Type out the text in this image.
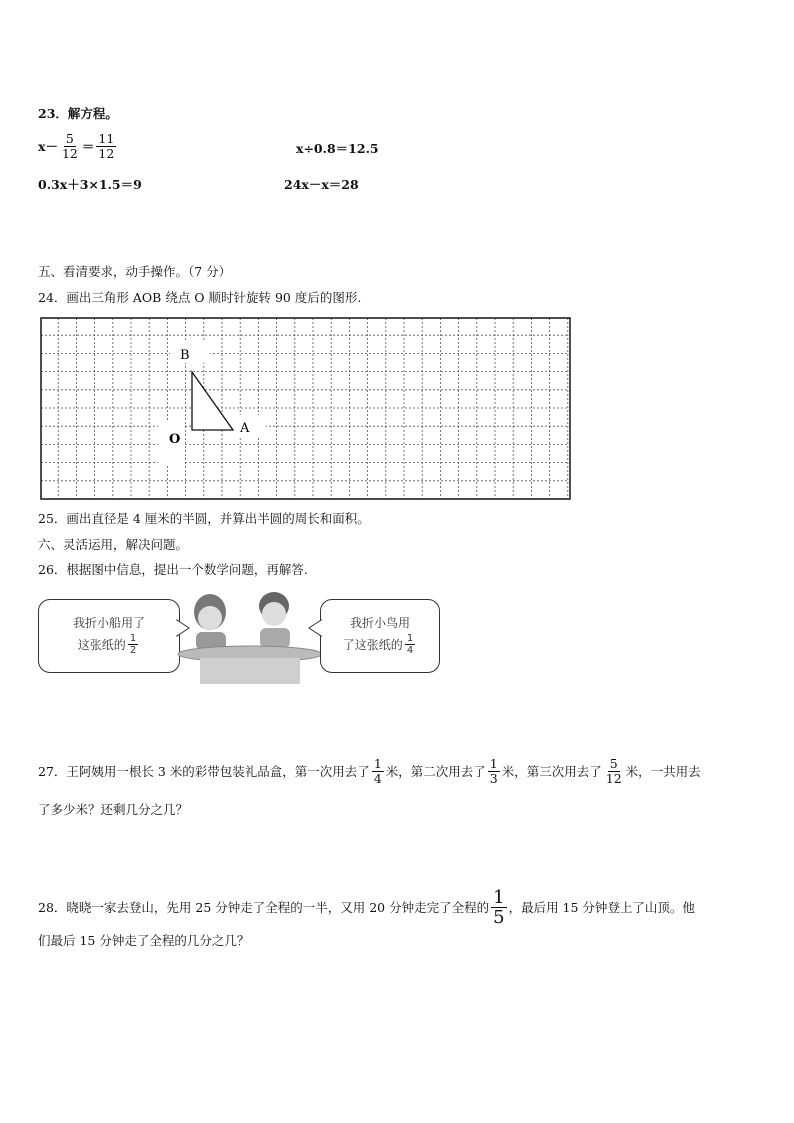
23．解方程。
$x- \frac{5}{12} = \frac{11}{12}$	x÷0.8＝12.5
0.3x＋3×1.5＝9	24x－x＝28
五、看清要求，动手操作。（7 分）
24．画出三角形 AOB 绕点 O 顺时针旋转 90 度后的图形.
B
A
O
25．画出直径是 4 厘米的半圆，并算出半圆的周长和面积。
六、灵活运用，解决问题。
26．根据图中信息，提出一个数学问题，再解答.
我折小船用了
这张纸的 $\frac{1}{2}$
我折小鸟用
了这张纸的 $\frac{1}{4}$
27．王阿姨用一根长 3 米的彩带包装礼品盒，第一次用去了 $\frac{1}{4}$ 米，第二次用去了 $\frac{1}{3}$ 米，第三次用去了 $\frac{5}{12}$ 米，一共用去
了多少米？还剩几分之几？
28．晓晓一家去登山，先用 25 分钟走了全程的一半，又用 20 分钟走完了全程的 $\frac{1}{5}$ ，最后用 15 分钟登上了山顶。他
们最后 15 分钟走了全程的几分之几？
